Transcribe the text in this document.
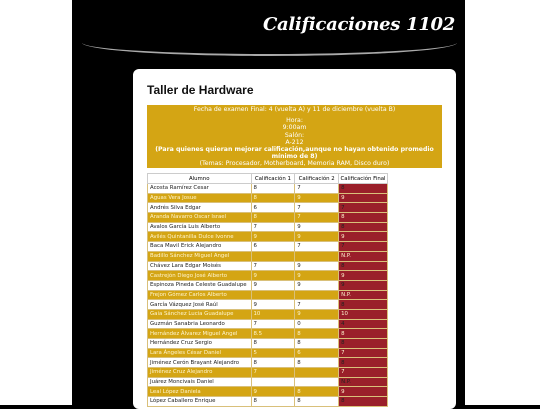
Calificaciones 1102
Taller de Hardware
Fecha de examen Final: 4 (vuelta A) y 11 de diciembre (vuelta B)
Hora:
9:00am
Salón:
A-212
(Para quienes quieran mejorar calificación,aunque no hayan obtenido promedio mínimo de 8)
(Temas: Procesador, Motherboard, Memoria RAM, Disco duro)
Alumno	Calificación 1	Calificación 2	Calificación Final
Acosta Ramírez Cesar	8	7	8
Aguas Vera Josue	8	9	9
Andrés Silva Edgar	6	7	7
Aranda Navarro Oscar Israel	8	7	8
Avalos García Luis Alberto	7	9	8
Avilés Quintanilla Dulce Ivonne	9	9	9
Baca Mavil Erick Alejandro	6	7	7
Badillo Sánchez Miguel Angel			N.P.
Chávez Lara Edgar Moisés	7	9	8
Castrejón Diego José Alberto	9	9	9
Espinoza Pineda Celeste Guadalupe	9	9	9
Frejon Gómez Carlos Alberto			N.P.
García Vázquez José Raúl	9	7	8
Gaia Sánchez Lucia Guadalupe	10	9	10
Guzmán Sanabria Leonardo	7	0	4
Hernández Álvarez Miguel Angel	8.5	8	8
Hernández Cruz Sergio	8	8	8
Lara Ángeles César Daniel	5	6	7
Jiménez Cerón Brayant Alejandro	8	8	8
Jiménez Cruz Alejandro	7		7
Juárez Moncivais Daniel			N.P.
Leal López Daniela	9	8	9
López Caballero Enrique	8	8	8
